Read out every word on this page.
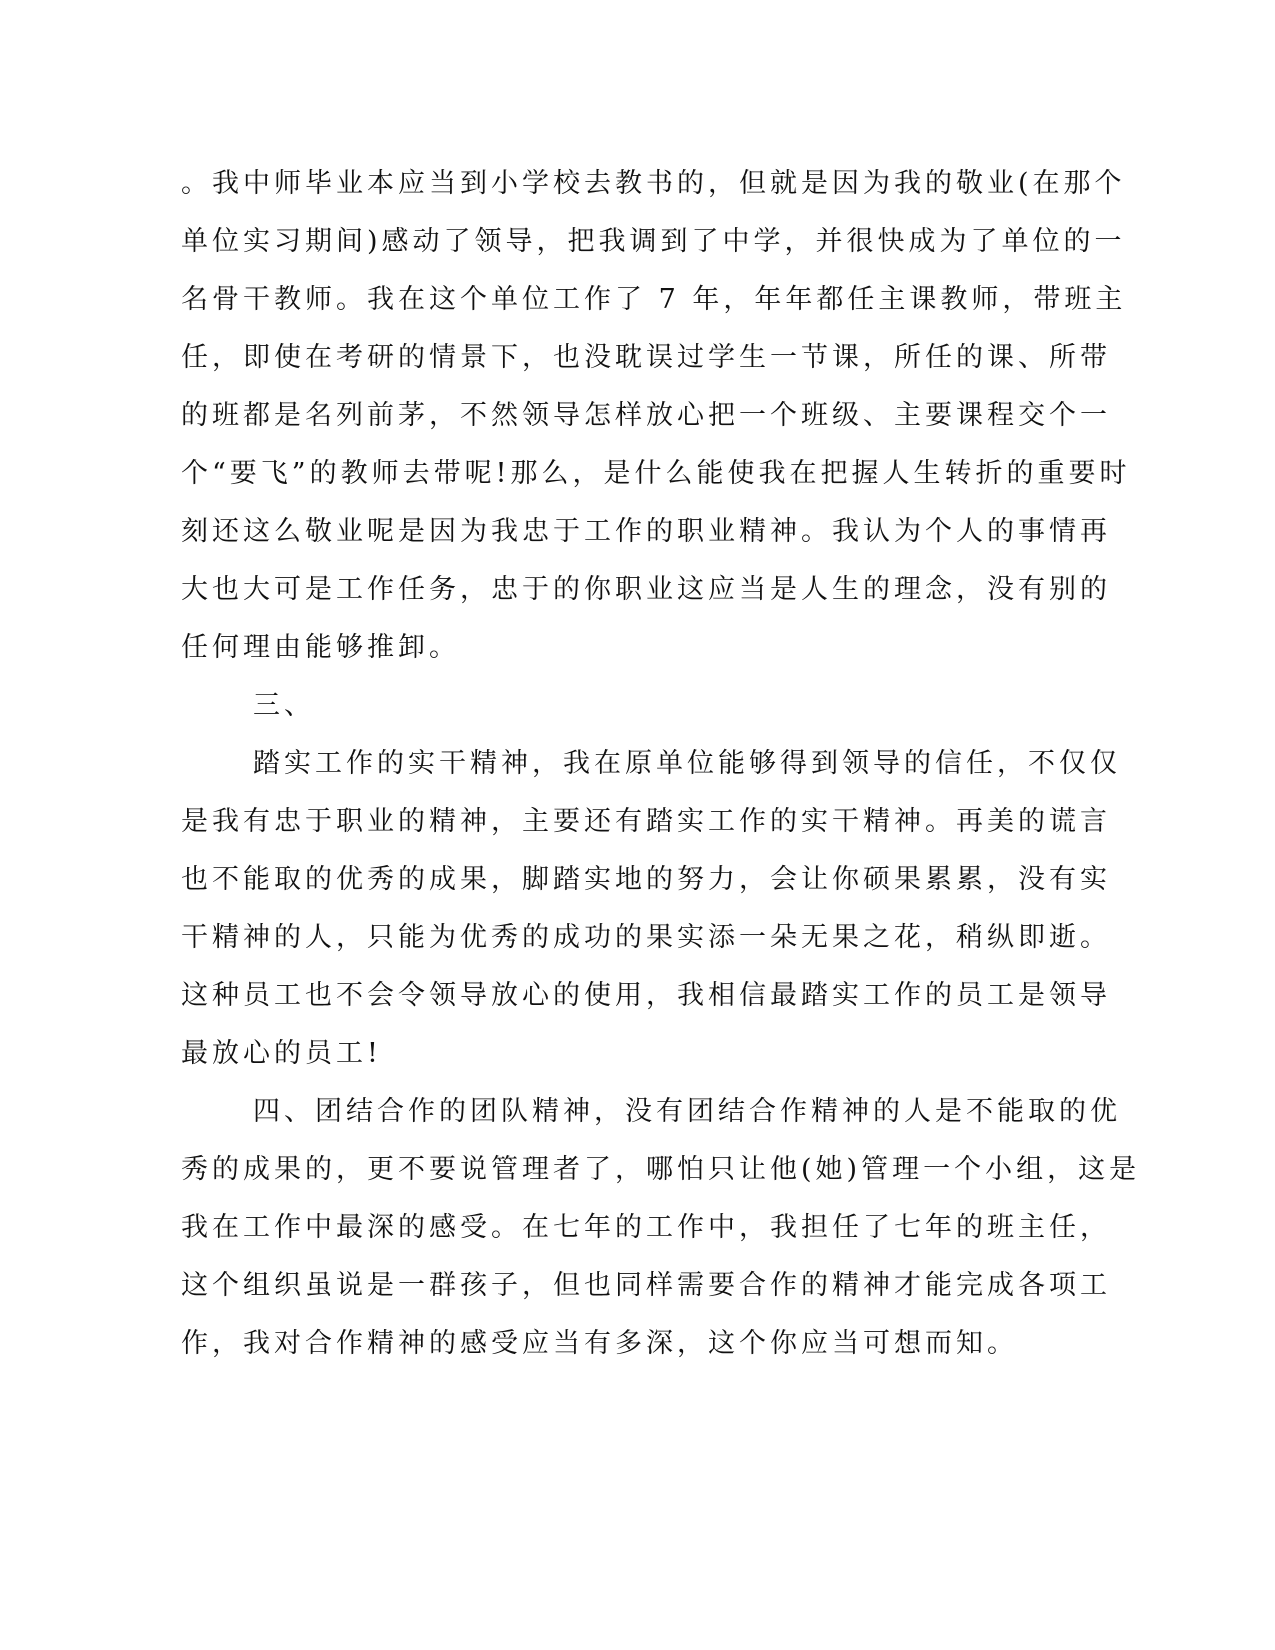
。我中师毕业本应当到小学校去教书的，但就是因为我的敬业(在那个
单位实习期间)感动了领导，把我调到了中学，并很快成为了单位的一
名骨干教师。我在这个单位工作了 7 年，年年都任主课教师，带班主
任，即使在考研的情景下，也没耽误过学生一节课，所任的课、所带
的班都是名列前茅，不然领导怎样放心把一个班级、主要课程交个一
个“要飞”的教师去带呢!那么，是什么能使我在把握人生转折的重要时
刻还这么敬业呢是因为我忠于工作的职业精神。我认为个人的事情再
大也大可是工作任务，忠于的你职业这应当是人生的理念，没有别的
任何理由能够推卸。
三、
踏实工作的实干精神，我在原单位能够得到领导的信任，不仅仅
是我有忠于职业的精神，主要还有踏实工作的实干精神。再美的谎言
也不能取的优秀的成果，脚踏实地的努力，会让你硕果累累，没有实
干精神的人，只能为优秀的成功的果实添一朵无果之花，稍纵即逝。
这种员工也不会令领导放心的使用，我相信最踏实工作的员工是领导
最放心的员工!
四、团结合作的团队精神，没有团结合作精神的人是不能取的优
秀的成果的，更不要说管理者了，哪怕只让他(她)管理一个小组，这是
我在工作中最深的感受。在七年的工作中，我担任了七年的班主任，
这个组织虽说是一群孩子，但也同样需要合作的精神才能完成各项工
作，我对合作精神的感受应当有多深，这个你应当可想而知。
